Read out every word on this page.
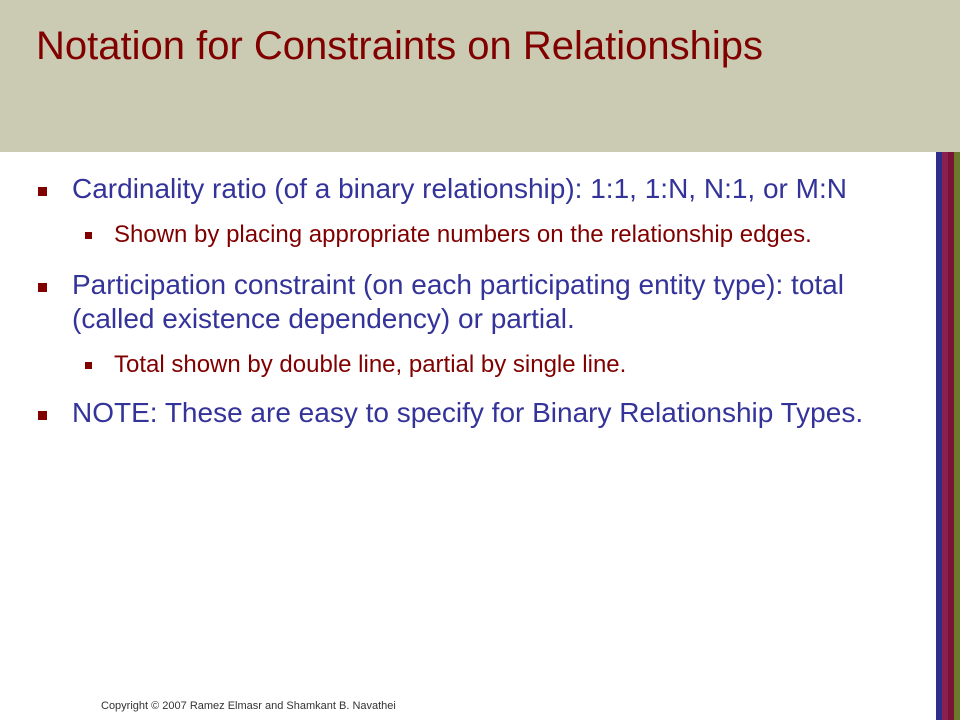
Notation for Constraints on Relationships
Cardinality ratio (of a binary relationship): 1:1, 1:N, N:1, or M:N
Shown by placing appropriate numbers on the relationship edges.
Participation constraint (on each participating entity type): total (called existence dependency) or partial.
Total shown by double line, partial by single line.
NOTE: These are easy to specify for Binary Relationship Types.
Copyright © 2007 Ramez Elmasr and Shamkant B. Navathei
